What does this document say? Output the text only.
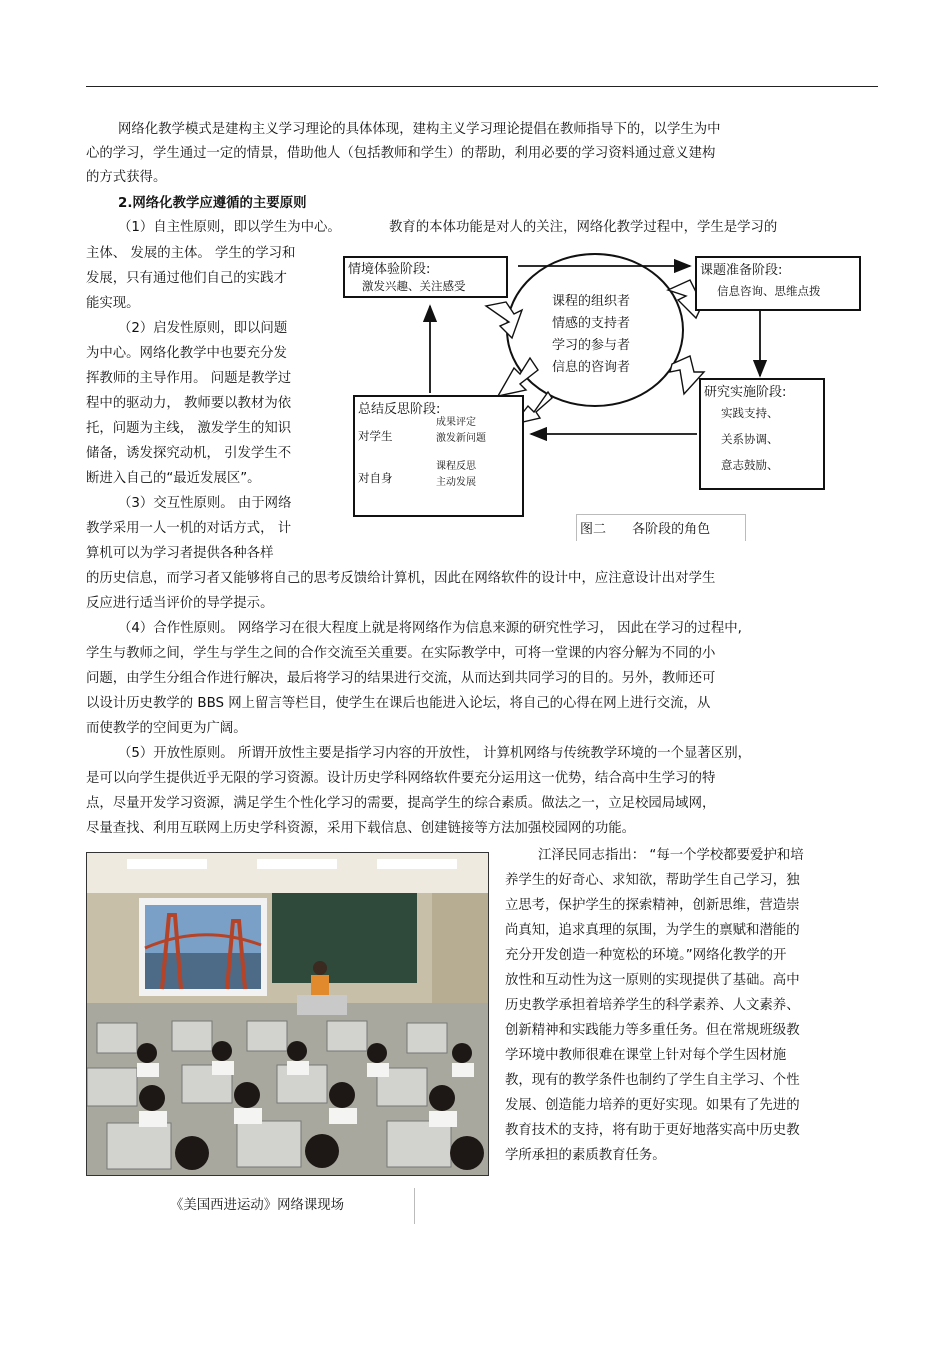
网络化教学模式是建构主义学习理论的具体体现，建构主义学习理论提倡在教师指导下的，以学生为中
心的学习，学生通过一定的情景，借助他人（包括教师和学生）的帮助，利用必要的学习资料通过意义建构
的方式获得。
2.网络化教学应遵循的主要原则
（1）自主性原则，即以学生为中心。	教育的本体功能是对人的关注，网络化教学过程中，学生是学习的
主体、 发展的主体。 学生的学习和
发展，只有通过他们自己的实践才
能实现。
（2）启发性原则，即以问题
为中心。网络化教学中也要充分发
挥教师的主导作用。 问题是教学过
程中的驱动力， 教师要以教材为依
托，问题为主线， 激发学生的知识
储备，诱发探究动机， 引发学生不
断进入自己的“最近发展区”。
（3）交互性原则。 由于网络
教学采用一人一机的对话方式， 计
算机可以为学习者提供各种各样
情境体验阶段:
激发兴趣、关注感受
课题准备阶段:
信息咨询、思维点拨
研究实施阶段:
实践支持、
关系协调、
意志鼓励、
总结反思阶段:
对学生
成果评定
激发新问题
对自身
课程反思
主动发展
课程的组织者
情感的支持者
学习的参与者
信息的咨询者
图二 各阶段的角色
的历史信息，而学习者又能够将自己的思考反馈给计算机，因此在网络软件的设计中，应注意设计出对学生
反应进行适当评价的导学提示。
（4）合作性原则。 网络学习在很大程度上就是将网络作为信息来源的研究性学习， 因此在学习的过程中,
学生与教师之间，学生与学生之间的合作交流至关重要。在实际教学中，可将一堂课的内容分解为不同的小
问题，由学生分组合作进行解决，最后将学习的结果进行交流，从而达到共同学习的目的。另外，教师还可
以设计历史教学的 BBS 网上留言等栏目，使学生在课后也能进入论坛，将自己的心得在网上进行交流，从
而使教学的空间更为广阔。
（5）开放性原则。 所谓开放性主要是指学习内容的开放性， 计算机网络与传统教学环境的一个显著区别，
是可以向学生提供近乎无限的学习资源。设计历史学科网络软件要充分运用这一优势，结合高中生学习的特
点，尽量开发学习资源，满足学生个性化学习的需要，提高学生的综合素质。做法之一，立足校园局域网，
尽量查找、利用互联网上历史学科资源，采用下载信息、创建链接等方法加强校园网的功能。
《美国西进运动》网络课现场
江泽民同志指出： “每一个学校都要爱护和培
养学生的好奇心、求知欲，帮助学生自己学习，独
立思考，保护学生的探索精神，创新思维，营造崇
尚真知，追求真理的氛围，为学生的禀赋和潜能的
充分开发创造一种宽松的环境。”网络化教学的开
放性和互动性为这一原则的实现提供了基础。高中
历史教学承担着培养学生的科学素养、人文素养、
创新精神和实践能力等多重任务。但在常规班级教
学环境中教师很难在课堂上针对每个学生因材施
教，现有的教学条件也制约了学生自主学习、个性
发展、创造能力培养的更好实现。如果有了先进的
教育技术的支持，将有助于更好地落实高中历史教
学所承担的素质教育任务。
